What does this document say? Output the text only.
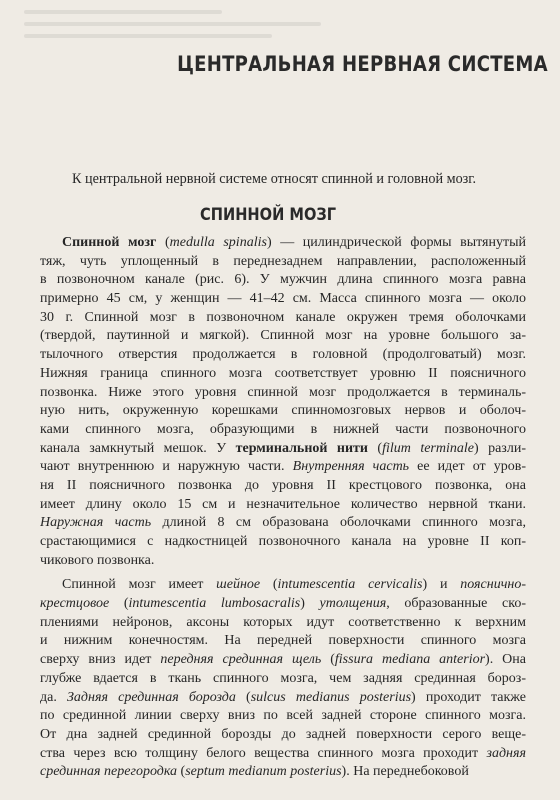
ЦЕНТРАЛЬНАЯ НЕРВНАЯ СИСТЕМА
К центральной нервной системе относят спинной и головной мозг.
СПИННОЙ МОЗГ
Спинной мозг (medulla spinalis) — цилиндрической формы вытянутый
тяж, чуть уплощенный в переднезаднем направлении, расположенный
в позвоночном канале (рис. 6). У мужчин длина спинного мозга равна
примерно 45 см, у женщин — 41–42 см. Масса спинного мозга — около
30 г. Спинной мозг в позвоночном канале окружен тремя оболочками
(твердой, паутинной и мягкой). Спинной мозг на уровне большого за-
тылочного отверстия продолжается в головной (продолговатый) мозг.
Нижняя граница спинного мозга соответствует уровню II поясничного
позвонка. Ниже этого уровня спинной мозг продолжается в терминаль-
ную нить, окруженную корешками спинномозговых нервов и оболоч-
ками спинного мозга, образующими в нижней части позвоночного
канала замкнутый мешок. У терминальной нити (filum terminale) разли-
чают внутреннюю и наружную части. Внутренняя часть ее идет от уров-
ня II поясничного позвонка до уровня II крестцового позвонка, она
имеет длину около 15 см и незначительное количество нервной ткани.
Наружная часть длиной 8 см образована оболочками спинного мозга,
срастающимися с надкостницей позвоночного канала на уровне II коп-
чикового позвонка.
Спинной мозг имеет шейное (intumescentia cervicalis) и пояснично-
крестцовое (intumescentia lumbosacralis) утолщения, образованные ско-
плениями нейронов, аксоны которых идут соответственно к верхним
и нижним конечностям. На передней поверхности спинного мозга
сверху вниз идет передняя срединная щель (fissura mediana anterior). Она
глубже вдается в ткань спинного мозга, чем задняя срединная бороз-
да. Задняя срединная борозда (sulcus medianus posterius) проходит также
по срединной линии сверху вниз по всей задней стороне спинного мозга.
От дна задней срединной борозды до задней поверхности серого веще-
ства через всю толщину белого вещества спинного мозга проходит задняя
срединная перегородка (septum medianum posterius). На переднебоковой
